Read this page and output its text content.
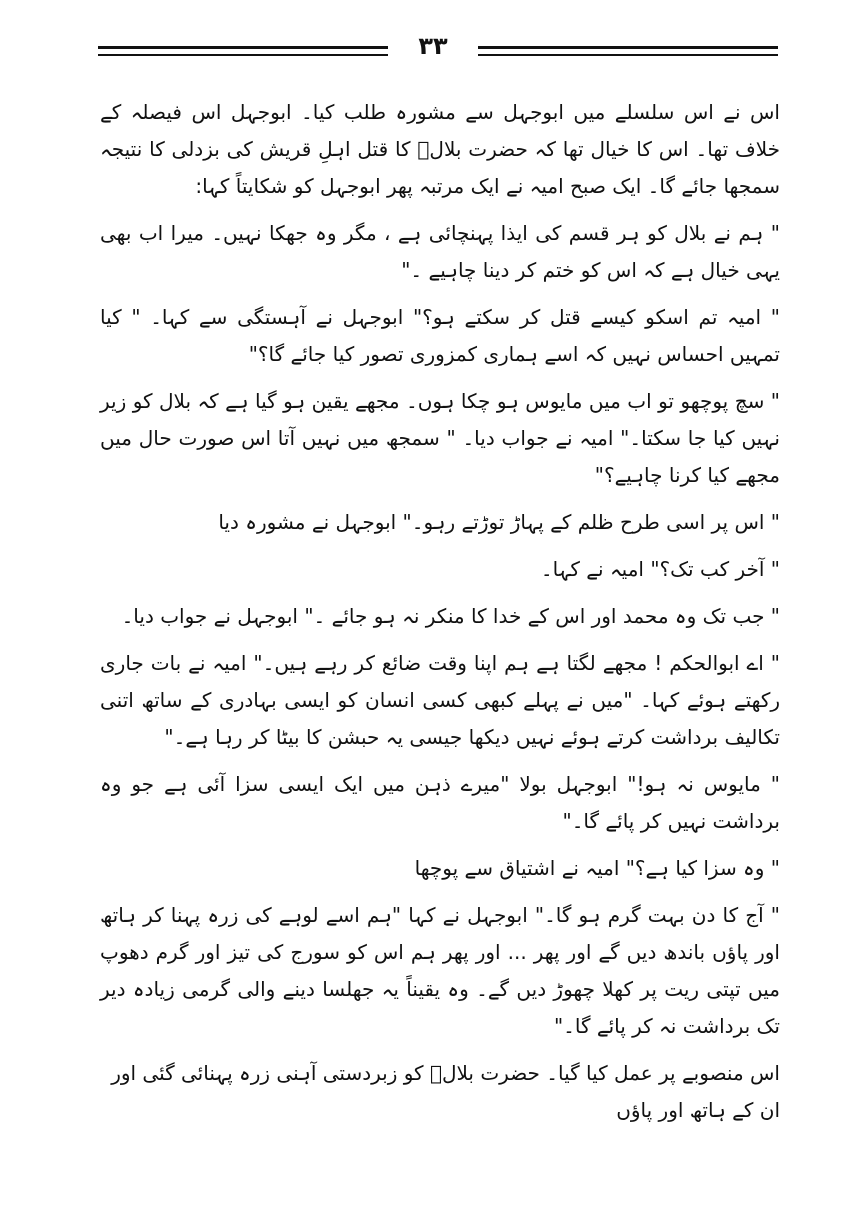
۳۳

اس نے اس سلسلے میں ابوجہل سے مشورہ طلب کیا۔ ابوجہل اس فیصلہ کے خلاف تھا۔ اس کا خیال تھا کہ حضرت بلالؓ کا قتل اہلِ قریش کی بزدلی کا نتیجہ سمجھا جائے گا۔ ایک صبح امیہ نے ایک مرتبہ پھر ابوجہل کو شکایتاً کہا:

" ہم نے بلال کو ہر قسم کی ایذا پہنچائی ہے ، مگر وہ جھکا نہیں۔ میرا اب بھی یہی خیال ہے کہ اس کو ختم کر دینا چاہیے ۔"

" امیہ تم اسکو کیسے قتل کر سکتے ہو؟" ابوجہل نے آہستگی سے کہا۔ " کیا تمہیں احساس نہیں کہ اسے ہماری کمزوری تصور کیا جائے گا؟"

" سچ پوچھو تو اب میں مایوس ہو چکا ہوں۔ مجھے یقین ہو گیا ہے کہ بلال کو زیر نہیں کیا جا سکتا۔" امیہ نے جواب دیا۔ " سمجھ میں نہیں آتا اس صورت حال میں مجھے کیا کرنا چاہیے؟"

" اس پر اسی طرح ظلم کے پہاڑ توڑتے رہو۔" ابوجہل نے مشورہ دیا

" آخر کب تک؟" امیہ نے کہا۔

" جب تک وہ محمد اور اس کے خدا کا منکر نہ ہو جائے ۔" ابوجہل نے جواب دیا۔

" اے ابوالحکم ! مجھے لگتا ہے ہم اپنا وقت ضائع کر رہے ہیں۔" امیہ نے بات جاری رکھتے ہوئے کہا۔ "میں نے پہلے کبھی کسی انسان کو ایسی بہادری کے ساتھ اتنی تکالیف برداشت کرتے ہوئے نہیں دیکھا جیسی یہ حبشن کا بیٹا کر رہا ہے۔"

" مایوس نہ ہو!" ابوجہل بولا "میرے ذہن میں ایک ایسی سزا آئی ہے جو وہ برداشت نہیں کر پائے گا۔"

" وہ سزا کیا ہے؟" امیہ نے اشتیاق سے پوچھا

" آج کا دن بہت گرم ہو گا۔" ابوجہل نے کہا "ہم اسے لوہے کی زرہ پہنا کر ہاتھ اور پاؤں باندھ دیں گے اور پھر ... اور پھر ہم اس کو سورج کی تیز اور گرم دھوپ میں تپتی ریت پر کھلا چھوڑ دیں گے۔ وہ یقیناً یہ جھلسا دینے والی گرمی زیادہ دیر تک برداشت نہ کر پائے گا۔"

اس منصوبے پر عمل کیا گیا۔ حضرت بلالؓ کو زبردستی آہنی زرہ پہنائی گئی اور ان کے ہاتھ اور پاؤں
